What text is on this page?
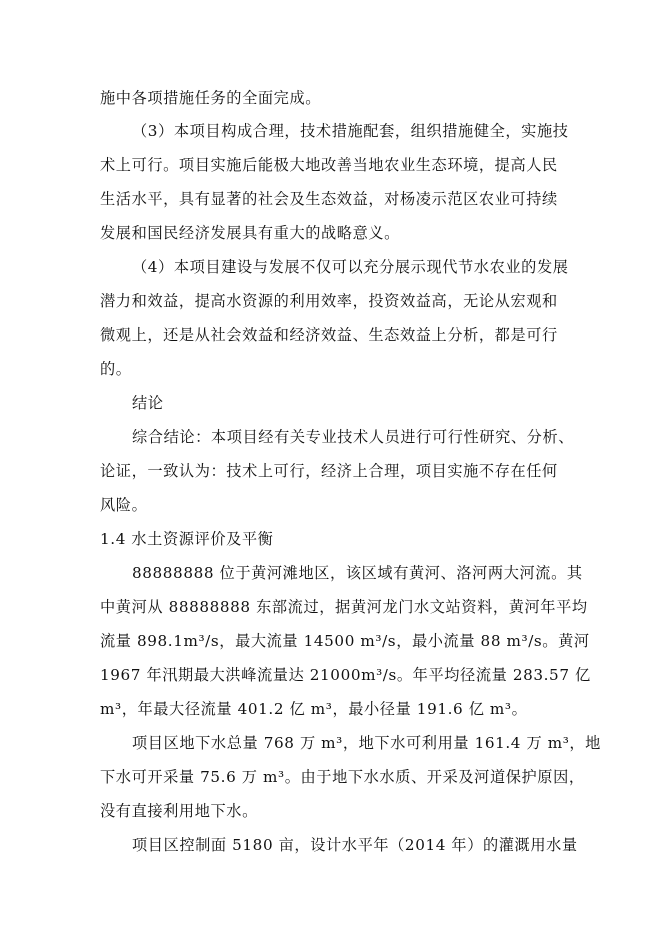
施中各项措施任务的全面完成。

（3）本项目构成合理，技术措施配套，组织措施健全，实施技

术上可行。项目实施后能极大地改善当地农业生态环境，提高人民

生活水平，具有显著的社会及生态效益，对杨凌示范区农业可持续

发展和国民经济发展具有重大的战略意义。

（4）本项目建设与发展不仅可以充分展示现代节水农业的发展

潜力和效益，提高水资源的利用效率，投资效益高，无论从宏观和

微观上，还是从社会效益和经济效益、生态效益上分析，都是可行

的。

结论

综合结论：本项目经有关专业技术人员进行可行性研究、分析、

论证，一致认为：技术上可行，经济上合理，项目实施不存在任何

风险。

1.4 水土资源评价及平衡

88888888 位于黄河滩地区，该区域有黄河、洛河两大河流。其

中黄河从 88888888 东部流过，据黄河龙门水文站资料，黄河年平均

流量 898.1m³/s，最大流量 14500 m³/s，最小流量 88 m³/s。黄河

1967 年汛期最大洪峰流量达 21000m³/s。年平均径流量 283.57 亿

m³，年最大径流量 401.2 亿 m³，最小径量 191.6 亿 m³。

项目区地下水总量 768 万 m³，地下水可利用量 161.4 万 m³，地

下水可开采量 75.6 万 m³。由于地下水水质、开采及河道保护原因，

没有直接利用地下水。

项目区控制面 5180 亩，设计水平年（2014 年）的灌溉用水量
